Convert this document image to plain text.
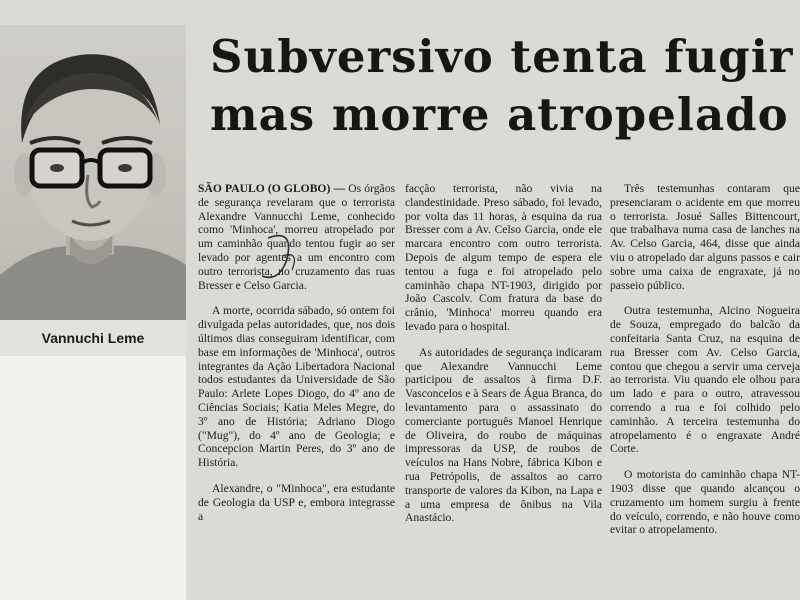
Vannuchi Leme
Subversivo tenta fugir
mas morre atropelado

SÃO PAULO (O GLOBO) — Os órgãos de segurança revelaram que o terrorista Alexandre Vannucchi Leme, conhecido como 'Minhoca', morreu atropelado por um caminhão quando tentou fugir ao ser levado por agentes a um encontro com outro terrorista, no cruzamento das ruas Bresser e Celso Garcia.

A morte, ocorrida sábado, só ontem foi divulgada pelas autoridades, que, nos dois últimos dias conseguiram identificar, com base em informações de 'Minhoca', outros integrantes da Ação Libertadora Nacional todos estudantes da Universidade de São Paulo: Arlete Lopes Diogo, do 4º ano de Ciências Sociais; Katia Meles Megre, do 3º ano de História; Adriano Diogo ("Mug"), do 4º ano de Geologia; e Concepcion Martin Peres, do 3º ano de História.

Alexandre, o "Minhoca", era estudante de Geologia da USP e, embora integrasse a

facção terrorista, não vivia na clandestinidade. Preso sábado, foi levado, por volta das 11 horas, à esquina da rua Bresser com a Av. Celso Garcia, onde ele marcara encontro com outro terrorista. Depois de algum tempo de espera ele tentou a fuga e foi atropelado pelo caminhão chapa NT-1903, dirigido por João Cascolv. Com fratura da base do crânio, 'Minhoca' morreu quando era levado para o hospital.

As autoridades de segurança indicaram que Alexandre Vannucchi Leme participou de assaltos à firma D.F. Vasconcelos e à Sears de Água Branca, do levantamento para o assassinato do comerciante português Manoel Henrique de Oliveira, do roubo de máquinas impressoras da USP, de roubos de veículos na Hans Nobre, fábrica Kibon e rua Petrópolis, de assaltos ao carro transporte de valores da Kibon, na Lapa e a uma empresa de ônibus na Vila Anastácio.

Três testemunhas contaram que presenciaram o acidente em que morreu o terrorista. Josué Salles Bittencourt, que trabalhava numa casa de lanches na Av. Celso Garcia, 464, disse que ainda viu o atropelado dar alguns passos e cair sobre uma caixa de engraxate, já no passeio público.

Outra testemunha, Alcino Nogueira de Souza, empregado do balcão da confeitaria Santa Cruz, na esquina de rua Bresser com Av. Celso Garcia, contou que chegou a servir uma cerveja ao terrorista. Viu quando ele olhou para um lado e para o outro, atravessou correndo a rua e foi colhido pelo caminhão. A terceira testemunha do atropelamento é o engraxate André Corte.

O motorista do caminhão chapa NT-1903 disse que quando alcançou o cruzamento um homem surgiu à frente do veículo, correndo, e não houve como evitar o atropelamento.
